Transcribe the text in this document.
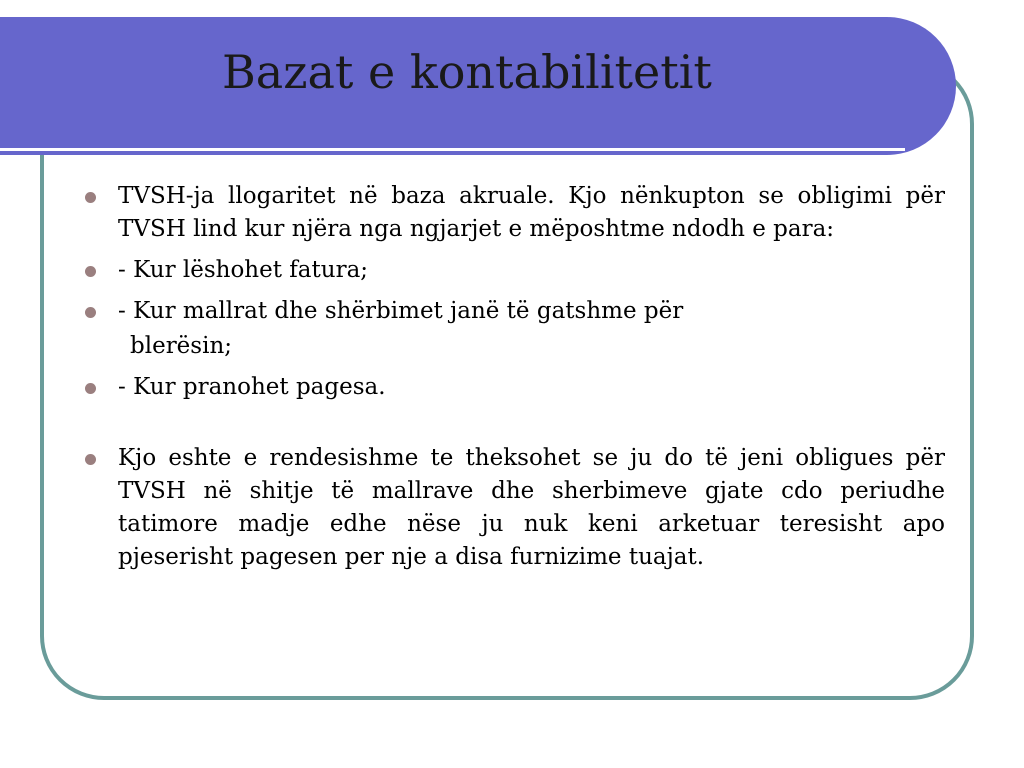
Bazat e kontabilitetit

TVSH-ja llogaritet në baza akruale. Kjo nënkupton se obligimi për TVSH lind kur njëra nga ngjarjet e mëposhtme ndodh e para:

- Kur lëshohet fatura;

- Kur mallrat dhe shërbimet janë të gatshme për

blerësin;

- Kur pranohet pagesa.

Kjo eshte e rendesishme te theksohet se ju do të jeni obligues për TVSH në shitje të mallrave dhe sherbimeve gjate cdo periudhe tatimore madje edhe nëse ju nuk keni arketuar teresisht apo pjeserisht pagesen per nje a disa furnizime tuajat.
